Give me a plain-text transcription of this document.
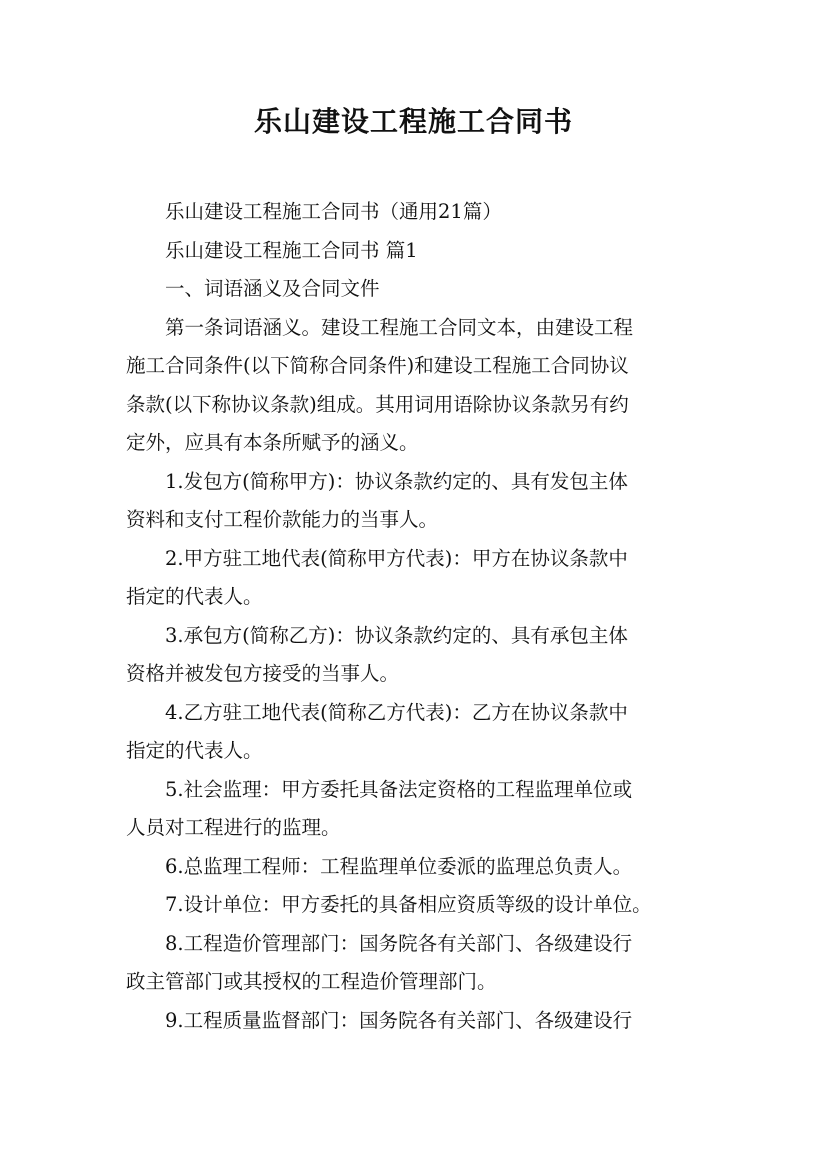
乐山建设工程施工合同书

乐山建设工程施工合同书（通用21篇）

乐山建设工程施工合同书 篇1

一、词语涵义及合同文件

第一条词语涵义。建设工程施工合同文本，由建设工程
施工合同条件(以下简称合同条件)和建设工程施工合同协议
条款(以下称协议条款)组成。其用词用语除协议条款另有约
定外，应具有本条所赋予的涵义。

1.发包方(简称甲方)：协议条款约定的、具有发包主体
资料和支付工程价款能力的当事人。

2.甲方驻工地代表(简称甲方代表)：甲方在协议条款中
指定的代表人。

3.承包方(简称乙方)：协议条款约定的、具有承包主体
资格并被发包方接受的当事人。

4.乙方驻工地代表(简称乙方代表)：乙方在协议条款中
指定的代表人。

5.社会监理：甲方委托具备法定资格的工程监理单位或
人员对工程进行的监理。

6.总监理工程师：工程监理单位委派的监理总负责人。

7.设计单位：甲方委托的具备相应资质等级的设计单位。

8.工程造价管理部门：国务院各有关部门、各级建设行
政主管部门或其授权的工程造价管理部门。

9.工程质量监督部门：国务院各有关部门、各级建设行
